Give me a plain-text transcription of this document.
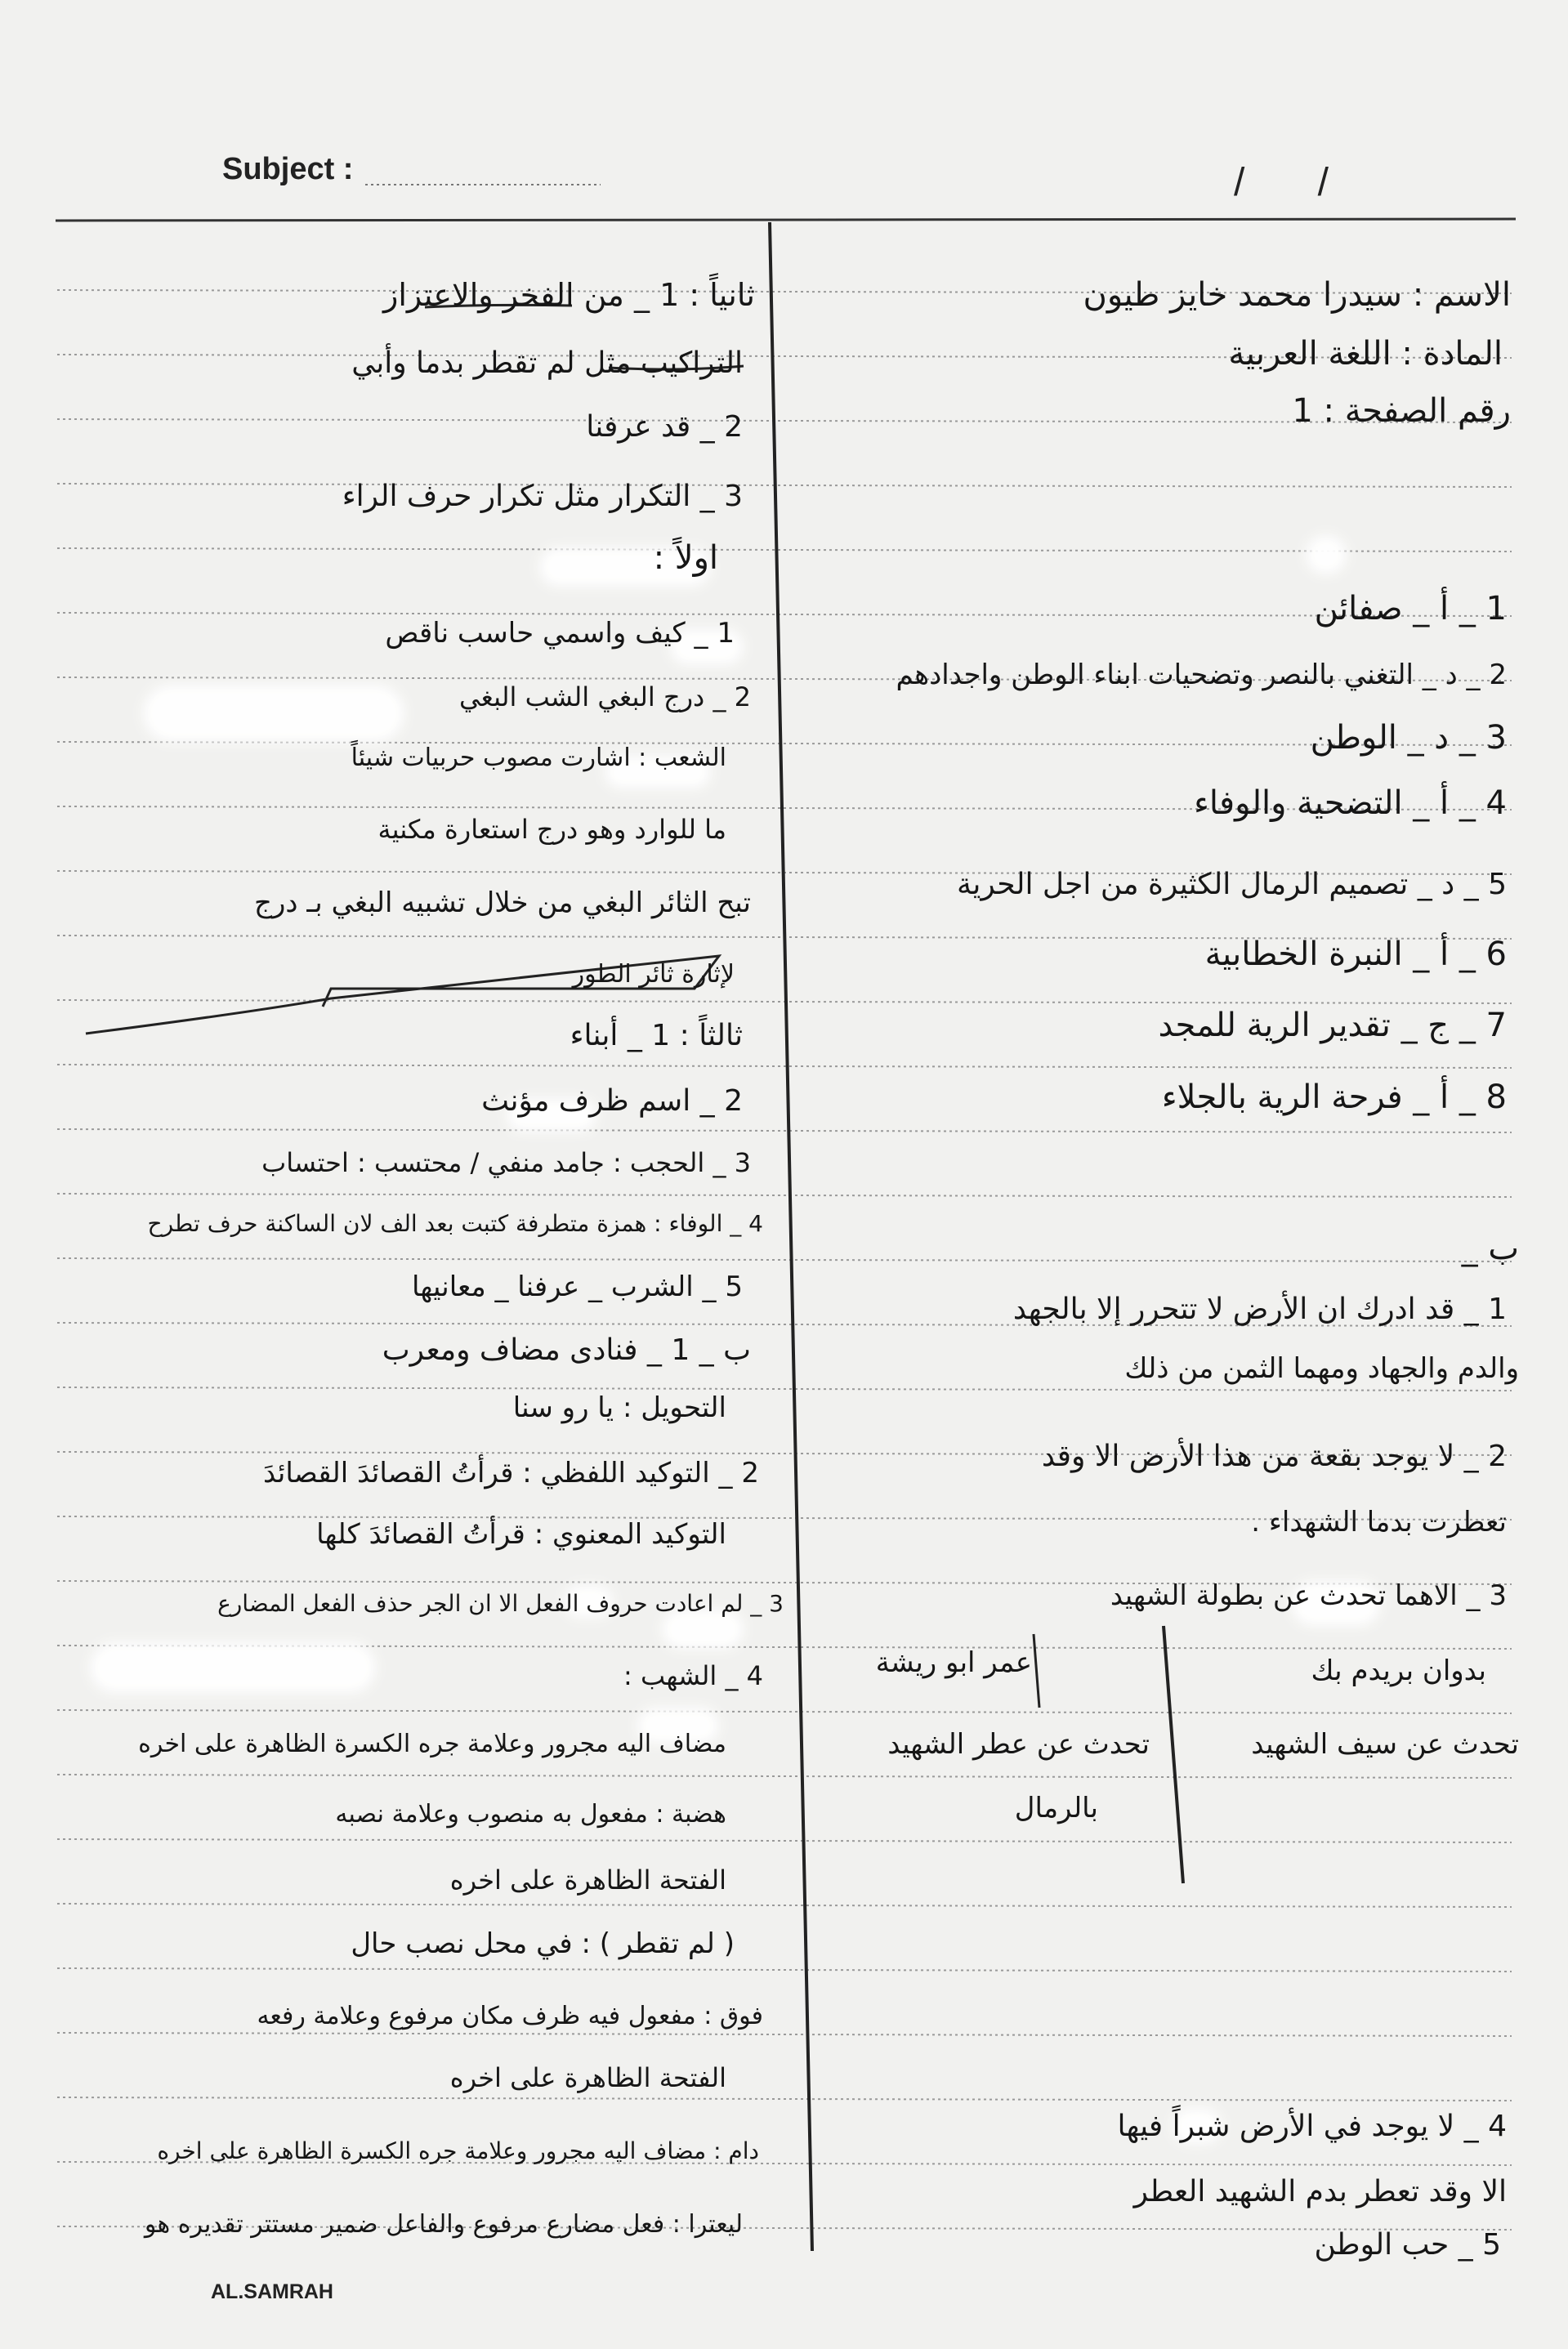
Subject :	/ /
AL.SAMRAH
الاسم : سيدرا محمد خايز طيون
المادة : اللغة العربية
رقم الصفحة : 1
اولاً :
1 _ أ _ صفائن
2 _ د _ التغني بالنصر وتضحيات ابناء الوطن واجدادهم
3 _ د _ الوطن
4 _ أ _ التضحية والوفاء
5 _ د _ تصميم الرمال الكثيرة من اجل الحرية
6 _ أ _ النبرة الخطابية
7 _ ج _ تقدير الرية للمجد
8 _ أ _ فرحة الرية بالجلاء
ب _
1 _ قد ادرك ان الأرض لا تتحرر إلا بالجهد
والدم والجهاد ومهما الثمن من ذلك
2 _ لا يوجد بقعة من هذا الأرض الا وقد
تعطرت بدما الشهداء .
3 _ الاهما تحدث عن بطولة الشهيد
4 _ لا يوجد في الأرض شبراً فيها
الا وقد تعطر بدم الشهيد العطر
5 _ حب الوطن
ثانياً : 1 _ من الفخر والاعتزاز
التراكيب مثل لم تقطر بدما وأبي
2 _ قد عرفنا
3 _ التكرار مثل تكرار حرف الراء
1 _ كيف واسمي حاسب ناقص
2 _ درج البغي الشب البغي
الشعب : اشارت مصوب حربيات شيئاً
ما للوارد وهو درج استعارة مكنية
تبح الثائر البغي من خلال تشبيه البغي بـ درج
لإثارة ثائر الطور
ثالثاً : 1 _ أبناء
2 _ اسم ظرف مؤنث
3 _ الحجب : جامد منفي / محتسب : احتساب
4 _ الوفاء : همزة متطرفة كتبت بعد الف لان الساكنة حرف تطرح
5 _ الشرب _ عرفنا _ معانيها
ب _ 1 _ فنادى مضاف ومعرب
التحويل : يا رو سنا
2 _ التوكيد اللفظي : قرأتُ القصائدَ القصائدَ
التوكيد المعنوي : قرأتُ القصائدَ كلها
3 _ لم اعادت حروف الفعل الا ان الجر حذف الفعل المضارع
4 _ الشهب :
مضاف اليه مجرور وعلامة جره الكسرة الظاهرة على اخره
هضبة : مفعول به منصوب وعلامة نصبه
الفتحة الظاهرة على اخره
( لم تقطر ) : في محل نصب حال
فوق : مفعول فيه ظرف مكان مرفوع وعلامة رفعه
الفتحة الظاهرة على اخره
دام : مضاف اليه مجرور وعلامة جره الكسرة الظاهرة على اخره
ليعترا : فعل مضارع مرفوع والفاعل ضمير مستتر تقديره هو
عمر ابو ريشة
تحدث عن عطر الشهيد
بالرمال
بدوان بريدم بك
تحدث عن سيف الشهيد
